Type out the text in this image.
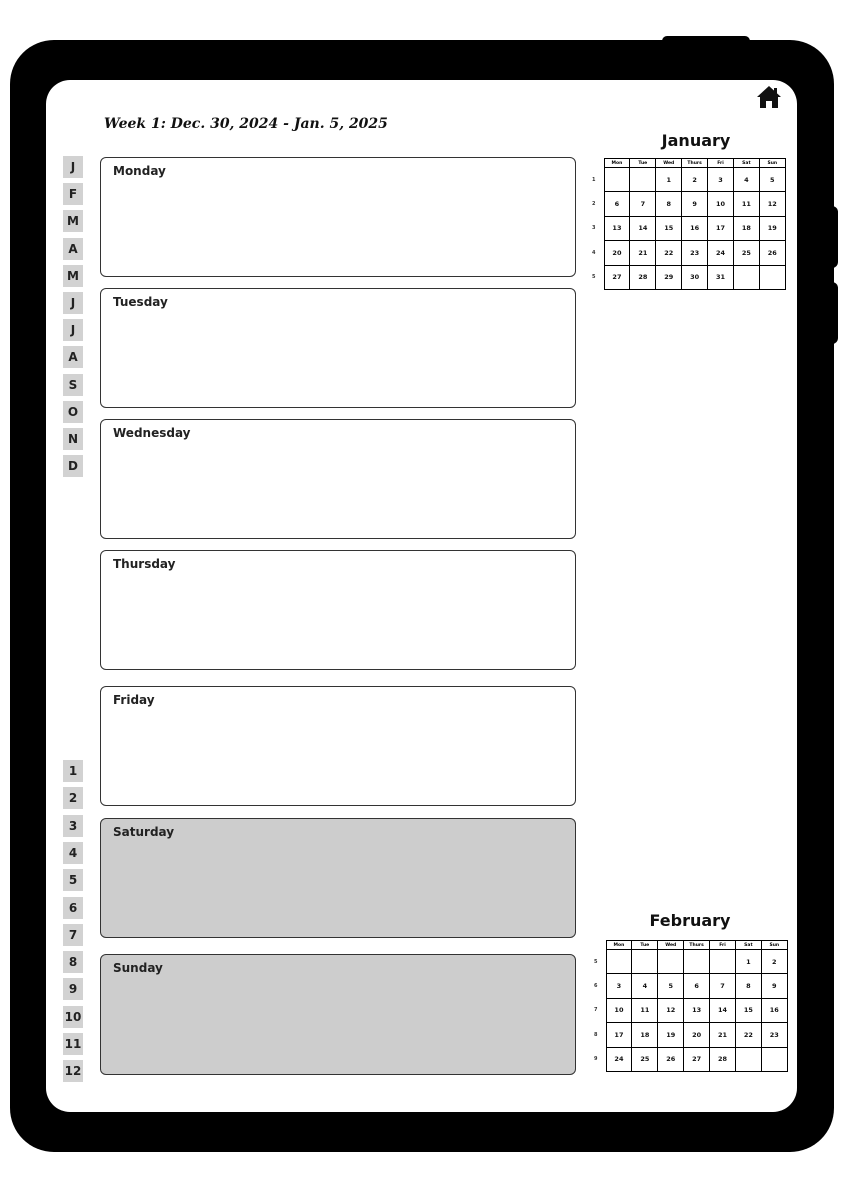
Week 1: Dec. 30, 2024 - Jan. 5, 2025
J
F
M
A
M
J
J
A
S
O
N
D
1
2
3
4
5
6
7
8
9
10
11
12
Monday
Tuesday
Wednesday
Thursday
Friday
Saturday
Sunday
January
	Mon	Tue	Wed	Thurs	Fri	Sat	Sun
1			1	2	3	4	5
2	6	7	8	9	10	11	12
3	13	14	15	16	17	18	19
4	20	21	22	23	24	25	26
5	27	28	29	30	31		
February
	Mon	Tue	Wed	Thurs	Fri	Sat	Sun
5						1	2
6	3	4	5	6	7	8	9
7	10	11	12	13	14	15	16
8	17	18	19	20	21	22	23
9	24	25	26	27	28		
